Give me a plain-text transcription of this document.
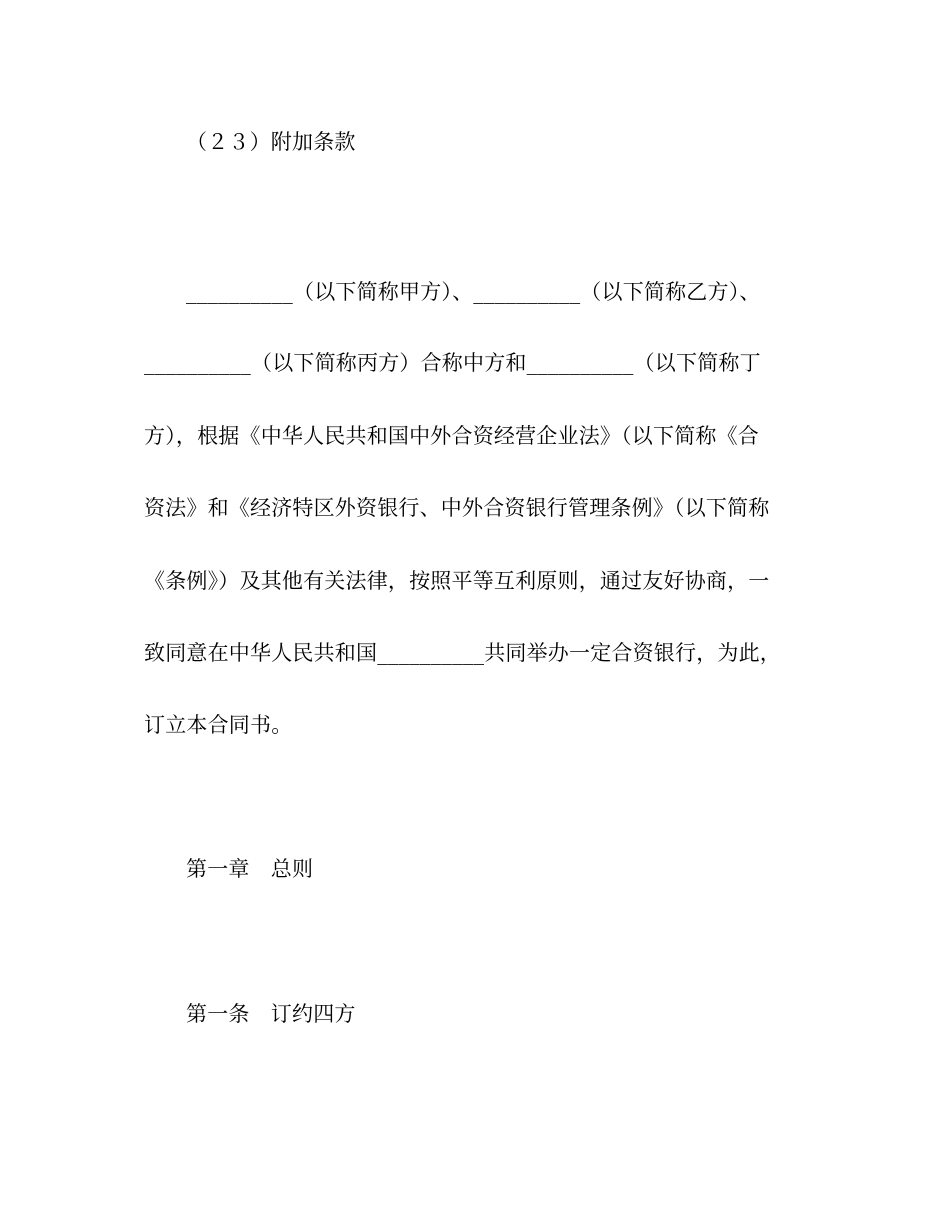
（２３）附加条款
__________（以下简称甲方）、__________（以下简称乙方）、
__________（以下简称丙方）合称中方和__________（以下简称丁
方），根据《中华人民共和国中外合资经营企业法》（以下简称《合
资法》和《经济特区外资银行、中外合资银行管理条例》（以下简称
《条例》）及其他有关法律，按照平等互利原则，通过友好协商，一
致同意在中华人民共和国__________共同举办一定合资银行，为此，
订立本合同书。
第一章　总则
第一条　订约四方
